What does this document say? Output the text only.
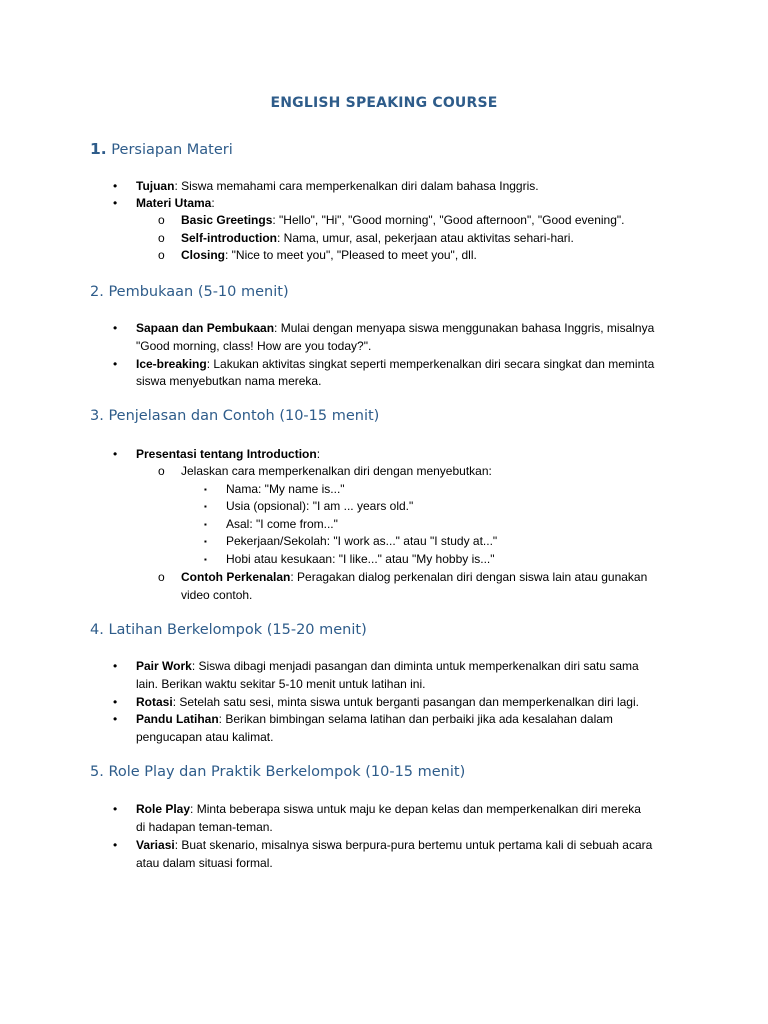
ENGLISH SPEAKING COURSE
1. Persiapan Materi
• Tujuan: Siswa memahami cara memperkenalkan diri dalam bahasa Inggris.
• Materi Utama:
o Basic Greetings: "Hello", "Hi", "Good morning", "Good afternoon", "Good evening".
o Self-introduction: Nama, umur, asal, pekerjaan atau aktivitas sehari-hari.
o Closing: "Nice to meet you", "Pleased to meet you", dll.
2. Pembukaan (5-10 menit)
• Sapaan dan Pembukaan: Mulai dengan menyapa siswa menggunakan bahasa Inggris, misalnya
"Good morning, class! How are you today?".
• Ice-breaking: Lakukan aktivitas singkat seperti memperkenalkan diri secara singkat dan meminta
siswa menyebutkan nama mereka.
3. Penjelasan dan Contoh (10-15 menit)
• Presentasi tentang Introduction:
o Jelaskan cara memperkenalkan diri dengan menyebutkan:
▪ Nama: "My name is..."
▪ Usia (opsional): "I am ... years old."
▪ Asal: "I come from..."
▪ Pekerjaan/Sekolah: "I work as..." atau "I study at..."
▪ Hobi atau kesukaan: "I like..." atau "My hobby is..."
o Contoh Perkenalan: Peragakan dialog perkenalan diri dengan siswa lain atau gunakan
video contoh.
4. Latihan Berkelompok (15-20 menit)
• Pair Work: Siswa dibagi menjadi pasangan dan diminta untuk memperkenalkan diri satu sama
lain. Berikan waktu sekitar 5-10 menit untuk latihan ini.
• Rotasi: Setelah satu sesi, minta siswa untuk berganti pasangan dan memperkenalkan diri lagi.
• Pandu Latihan: Berikan bimbingan selama latihan dan perbaiki jika ada kesalahan dalam
pengucapan atau kalimat.
5. Role Play dan Praktik Berkelompok (10-15 menit)
• Role Play: Minta beberapa siswa untuk maju ke depan kelas dan memperkenalkan diri mereka
di hadapan teman-teman.
• Variasi: Buat skenario, misalnya siswa berpura-pura bertemu untuk pertama kali di sebuah acara
atau dalam situasi formal.
